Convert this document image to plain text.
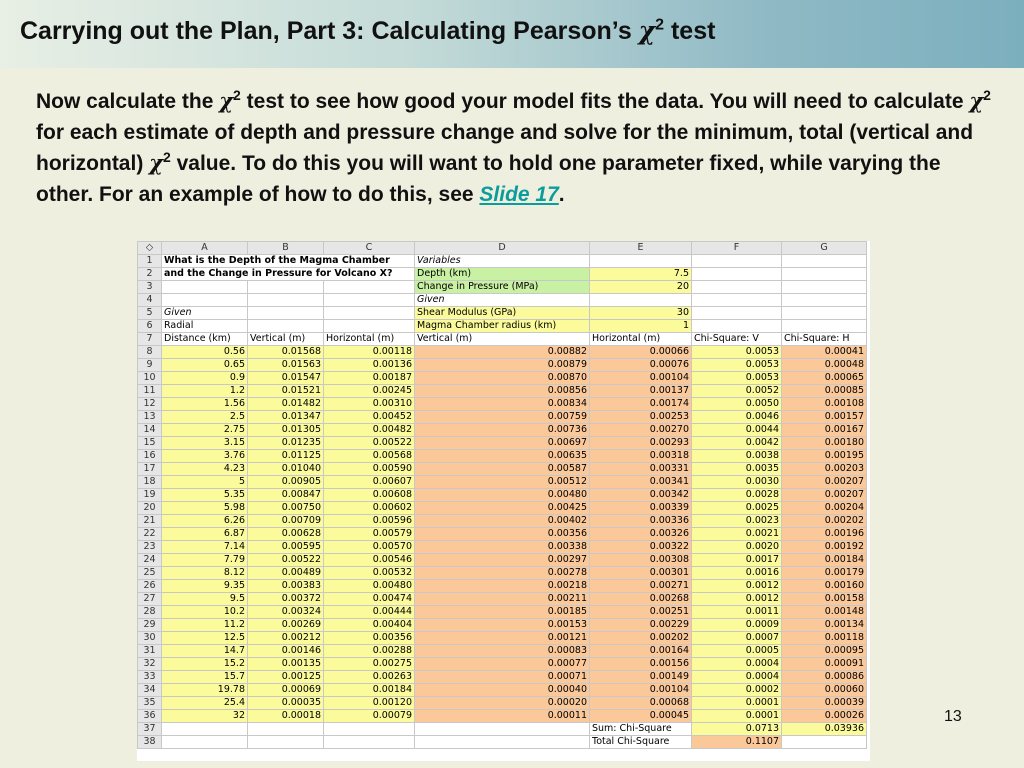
Carrying out the Plan, Part 3: Calculating Pearson’s $\chi^2$ test
Now calculate the $\chi^2$ test to see how good your model fits the data. You will need to calculate $\chi^2$ for each estimate of depth and pressure change and solve for the minimum, total (vertical and horizontal) $\chi^2$ value. To do this you will want to hold one parameter fixed, while varying the other. For an example of how to do this, see Slide 17.
◇	A	B	C	D	E	F	G
1	What is the Depth of the Magma Chamber			Variables			
2	and the Change in Pressure for Volcano X?			Depth (km)	7.5		
3				Change in Pressure (MPa)	20		
4				Given			
5	Given			Shear Modulus (GPa)	30		
6	Radial			Magma Chamber radius (km)	1		
7	Distance (km)	Vertical (m)	Horizontal (m)	Vertical (m)	Horizontal (m)	Chi-Square: V	Chi-Square: H
8	0.56	0.01568	0.00118	0.00882	0.00066	0.0053	0.00041
9	0.65	0.01563	0.00136	0.00879	0.00076	0.0053	0.00048
10	0.9	0.01547	0.00187	0.00870	0.00104	0.0053	0.00065
11	1.2	0.01521	0.00245	0.00856	0.00137	0.0052	0.00085
12	1.56	0.01482	0.00310	0.00834	0.00174	0.0050	0.00108
13	2.5	0.01347	0.00452	0.00759	0.00253	0.0046	0.00157
14	2.75	0.01305	0.00482	0.00736	0.00270	0.0044	0.00167
15	3.15	0.01235	0.00522	0.00697	0.00293	0.0042	0.00180
16	3.76	0.01125	0.00568	0.00635	0.00318	0.0038	0.00195
17	4.23	0.01040	0.00590	0.00587	0.00331	0.0035	0.00203
18	5	0.00905	0.00607	0.00512	0.00341	0.0030	0.00207
19	5.35	0.00847	0.00608	0.00480	0.00342	0.0028	0.00207
20	5.98	0.00750	0.00602	0.00425	0.00339	0.0025	0.00204
21	6.26	0.00709	0.00596	0.00402	0.00336	0.0023	0.00202
22	6.87	0.00628	0.00579	0.00356	0.00326	0.0021	0.00196
23	7.14	0.00595	0.00570	0.00338	0.00322	0.0020	0.00192
24	7.79	0.00522	0.00546	0.00297	0.00308	0.0017	0.00184
25	8.12	0.00489	0.00532	0.00278	0.00301	0.0016	0.00179
26	9.35	0.00383	0.00480	0.00218	0.00271	0.0012	0.00160
27	9.5	0.00372	0.00474	0.00211	0.00268	0.0012	0.00158
28	10.2	0.00324	0.00444	0.00185	0.00251	0.0011	0.00148
29	11.2	0.00269	0.00404	0.00153	0.00229	0.0009	0.00134
30	12.5	0.00212	0.00356	0.00121	0.00202	0.0007	0.00118
31	14.7	0.00146	0.00288	0.00083	0.00164	0.0005	0.00095
32	15.2	0.00135	0.00275	0.00077	0.00156	0.0004	0.00091
33	15.7	0.00125	0.00263	0.00071	0.00149	0.0004	0.00086
34	19.78	0.00069	0.00184	0.00040	0.00104	0.0002	0.00060
35	25.4	0.00035	0.00120	0.00020	0.00068	0.0001	0.00039
36	32	0.00018	0.00079	0.00011	0.00045	0.0001	0.00026
37					Sum: Chi-Square	0.0713	0.03936
38					Total Chi-Square	0.1107	
13
